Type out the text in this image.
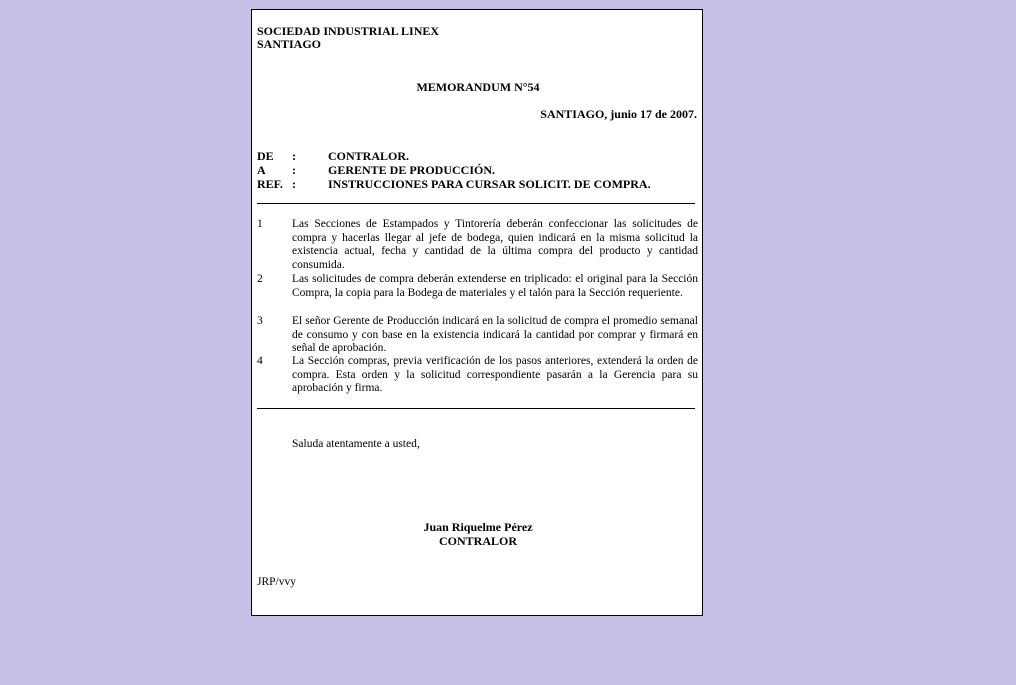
SOCIEDAD INDUSTRIAL LINEX
SANTIAGO
MEMORANDUM N°54
SANTIAGO, junio 17 de 2007.
DE :	CONTRALOR.
A :	GERENTE DE PRODUCCIÓN.
REF. :	INSTRUCCIONES PARA CURSAR SOLICIT. DE COMPRA.
1	Las Secciones de Estampados y Tintorería deberán confeccionar las solicitudes de compra y hacerlas llegar al jefe de bodega, quien indicará en la misma solicitud la existencia actual, fecha y cantidad de la última compra del producto y cantidad consumida.
2	Las solicitudes de compra deberán extenderse en triplicado: el original para la Sección Compra, la copia para la Bodega de materiales y el talón para la Sección requeriente.
3	El señor Gerente de Producción indicará en la solicitud de compra el promedio semanal de consumo y con base en la existencia indicará la cantidad por comprar y firmará en señal de aprobación.
4	La Sección compras, previa verificación de los pasos anteriores, extenderá la orden de compra. Esta orden y la solicitud correspondiente pasarán a la Gerencia para su aprobación y firma.
Saluda atentamente a usted,
Juan Riquelme Pérez
CONTRALOR
JRP/vvy
